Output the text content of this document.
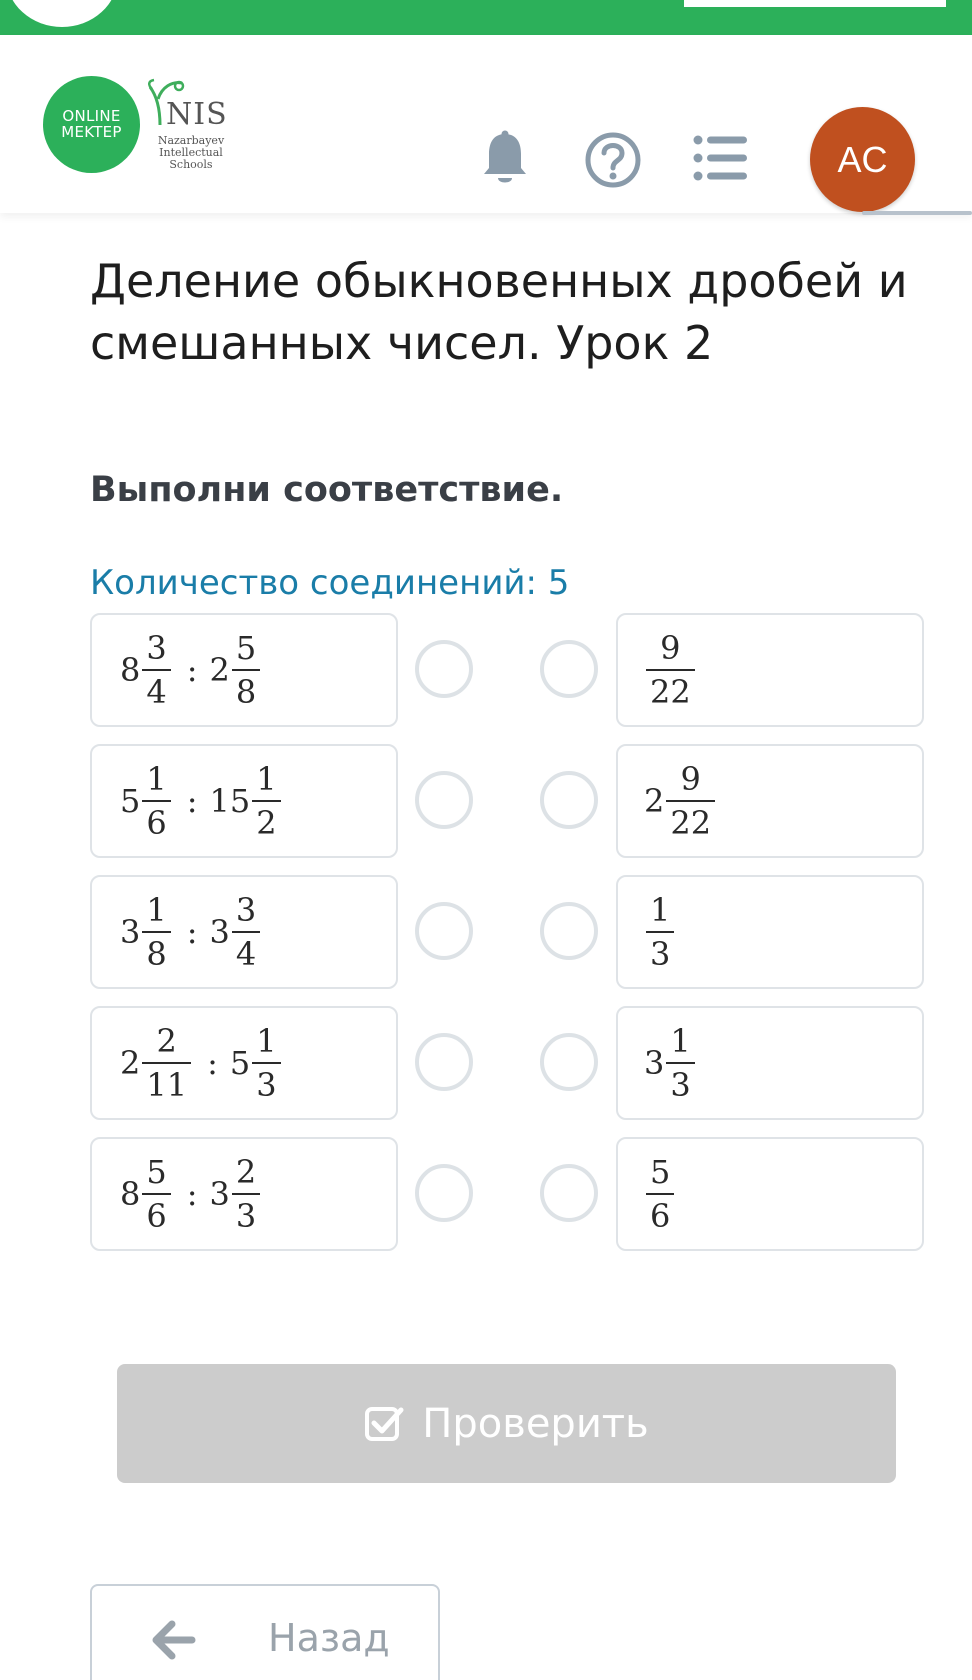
ONLINE
MEKTEP	NIS
Nazarbayev
Intellectual
Schools	AC
Деление обыкновенных дробей и смешанных чисел. Урок 2
Выполни соответствие.
Количество соединений: 5
$8 \frac{3}{4}$ : $2 \frac{5}{8}$	$\frac{9}{22}$
$5 \frac{1}{6}$ : $15 \frac{1}{2}$	$2 \frac{9}{22}$
$3 \frac{1}{8}$ : $3 \frac{3}{4}$	$\frac{1}{3}$
$2 \frac{2}{11}$ : $5 \frac{1}{3}$	$3 \frac{1}{3}$
$8 \frac{5}{6}$ : $3 \frac{2}{3}$	$\frac{5}{6}$
Проверить
Назад
